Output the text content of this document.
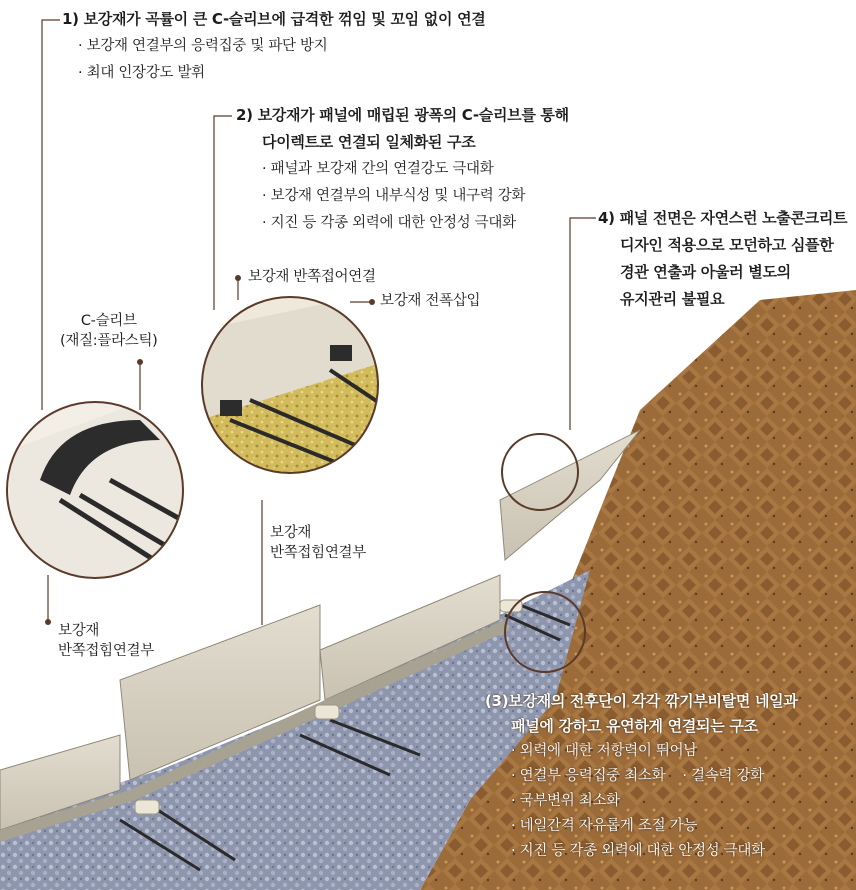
1) 보강재가 곡률이 큰 C-슬리브에 급격한 꺾임 및 꼬임 없이 연결
· 보강재 연결부의 응력집중 및 파단 방지
· 최대 인장강도 발휘
2) 보강재가 패널에 매립된 광폭의 C-슬리브를 통해
다이렉트로 연결되 일체화된 구조
· 패널과 보강재 간의 연결강도 극대화
· 보강재 연결부의 내부식성 및 내구력 강화
· 지진 등 각종 외력에 대한 안정성 극대화	4) 패널 전면은 자연스런 노출콘크리트
디자인 적용으로 모던하고 심플한
경관 연출과 아울러 별도의
유지관리 불필요
C-슬리브
(재질:플라스틱)
보강재
반쪽접힘연결부
보강재
반쪽접힘연결부
보강재 반쪽접어연결
보강재 전폭삽입
(3)보강재의 전후단이 각각 깎기부비탈면 네일과
패널에 강하고 유연하게 연결되는 구조
· 외력에 대한 저항력이 뛰어남
· 연결부 응력집중 최소화 · 결속력 강화
· 국부변위 최소화
· 네일간격 자유롭게 조절 가능
· 지진 등 각종 외력에 대한 안정성 극대화
